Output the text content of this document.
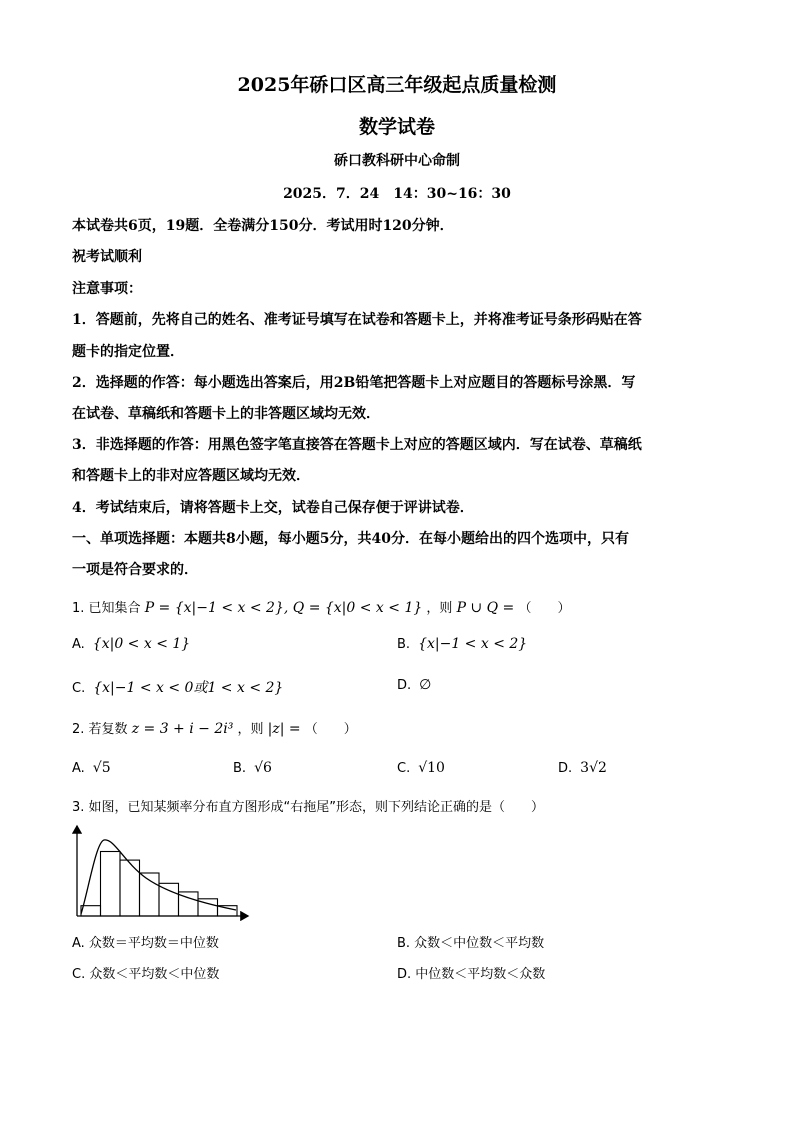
2025年硚口区高三年级起点质量检测
数学试卷
硚口教科研中心命制
2025．7．24　14：30~16：30
本试卷共6页，19题．全卷满分150分．考试用时120分钟．
祝考试顺利
注意事项：
1．答题前，先将自己的姓名、准考证号填写在试卷和答题卡上，并将准考证号条形码贴在答
题卡的指定位置．
2．选择题的作答：每小题选出答案后，用2B铅笔把答题卡上对应题目的答题标号涂黑．写
在试卷、草稿纸和答题卡上的非答题区域均无效．
3．非选择题的作答：用黑色签字笔直接答在答题卡上对应的答题区域内．写在试卷、草稿纸
和答题卡上的非对应答题区域均无效．
4．考试结束后，请将答题卡上交，试卷自己保存便于评讲试卷．
一、单项选择题：本题共8小题，每小题5分，共40分．在每小题给出的四个选项中，只有
一项是符合要求的．
1. 已知集合 P = {x|−1 < x < 2}, Q = {x|0 < x < 1} ，则 P ∪ Q = （　　）
A. {x|0 < x < 1}	B. {x|−1 < x < 2}
C. {x|−1 < x < 0或1 < x < 2}	D. ∅
2. 若复数 z = 3 + i − 2i³ ，则 |z| = （　　）
A. √5	B. √6	C. √10	D. 3√2
3. 如图，已知某频率分布直方图形成“右拖尾”形态，则下列结论正确的是（　　）
A. 众数＝平均数＝中位数	B. 众数＜中位数＜平均数
C. 众数＜平均数＜中位数	D. 中位数＜平均数＜众数
